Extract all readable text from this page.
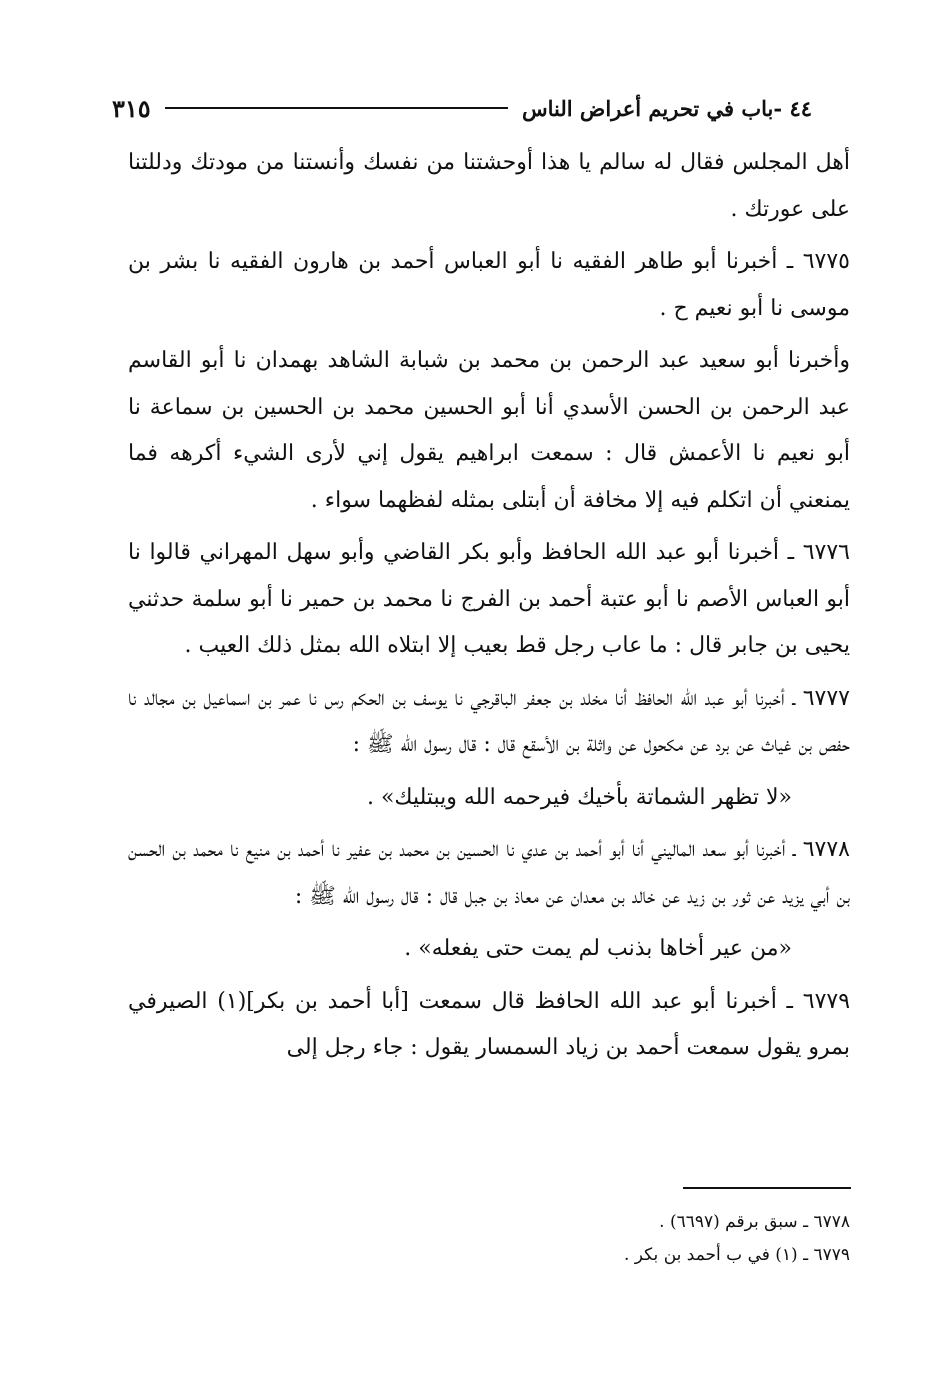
٤٤ -باب في تحريم أعراض الناس
٣١٥

أهل المجلس فقال له سالم يا هذا أوحشتنا من نفسك وأنستنا من مودتك ودللتنا على عورتك .

٦٧٧٥ ـ أخبرنا أبو طاهر الفقيه نا أبو العباس أحمد بن هارون الفقيه نا بشر بن موسى نا أبو نعيم ح .

وأخبرنا أبو سعيد عبد الرحمن بن محمد بن شبابة الشاهد بهمدان نا أبو القاسم عبد الرحمن بن الحسن الأسدي أنا أبو الحسين محمد بن الحسين بن سماعة نا أبو نعيم نا الأعمش قال : سمعت ابراهيم يقول إني لأرى الشيء أكرهه فما يمنعني أن اتكلم فيه إلا مخافة أن أبتلى بمثله لفظهما سواء .

٦٧٧٦ ـ أخبرنا أبو عبد الله الحافظ وأبو بكر القاضي وأبو سهل المهراني قالوا نا أبو العباس الأصم نا أبو عتبة أحمد بن الفرج نا محمد بن حمير نا أبو سلمة حدثني يحيى بن جابر قال : ما عاب رجل قط بعيب إلا ابتلاه الله بمثل ذلك العيب .

٦٧٧٧ ـ أخبرنا أبو عبد الله الحافظ أنا مخلد بن جعفر الباقرجي نا يوسف بن الحكم رس نا عمر بن اسماعيل بن مجالد نا حفص بن غياث عن برد عن مكحول عن واثلة بن الأسقع قال : قال رسول الله ﷺ :

«لا تظهر الشماتة بأخيك فيرحمه الله ويبتليك» .

٦٧٧٨ ـ أخبرنا أبو سعد الماليني أنا أبو أحمد بن عدي نا الحسين بن محمد بن عفير نا أحمد بن منيع نا محمد بن الحسن بن أبي يزيد عن ثور بن زيد عن خالد بن معدان عن معاذ بن جبل قال : قال رسول الله ﷺ :

«من عير أخاها بذنب لم يمت حتى يفعله» .

٦٧٧٩ ـ أخبرنا أبو عبد الله الحافظ قال سمعت [أبا أحمد بن بكر](١) الصيرفي بمرو يقول سمعت أحمد بن زياد السمسار يقول : جاء رجل إلى

٦٧٧٨ ـ سبق برقم (٦٦٩٧) .
٦٧٧٩ ـ (١) في ب أحمد بن بكر .
